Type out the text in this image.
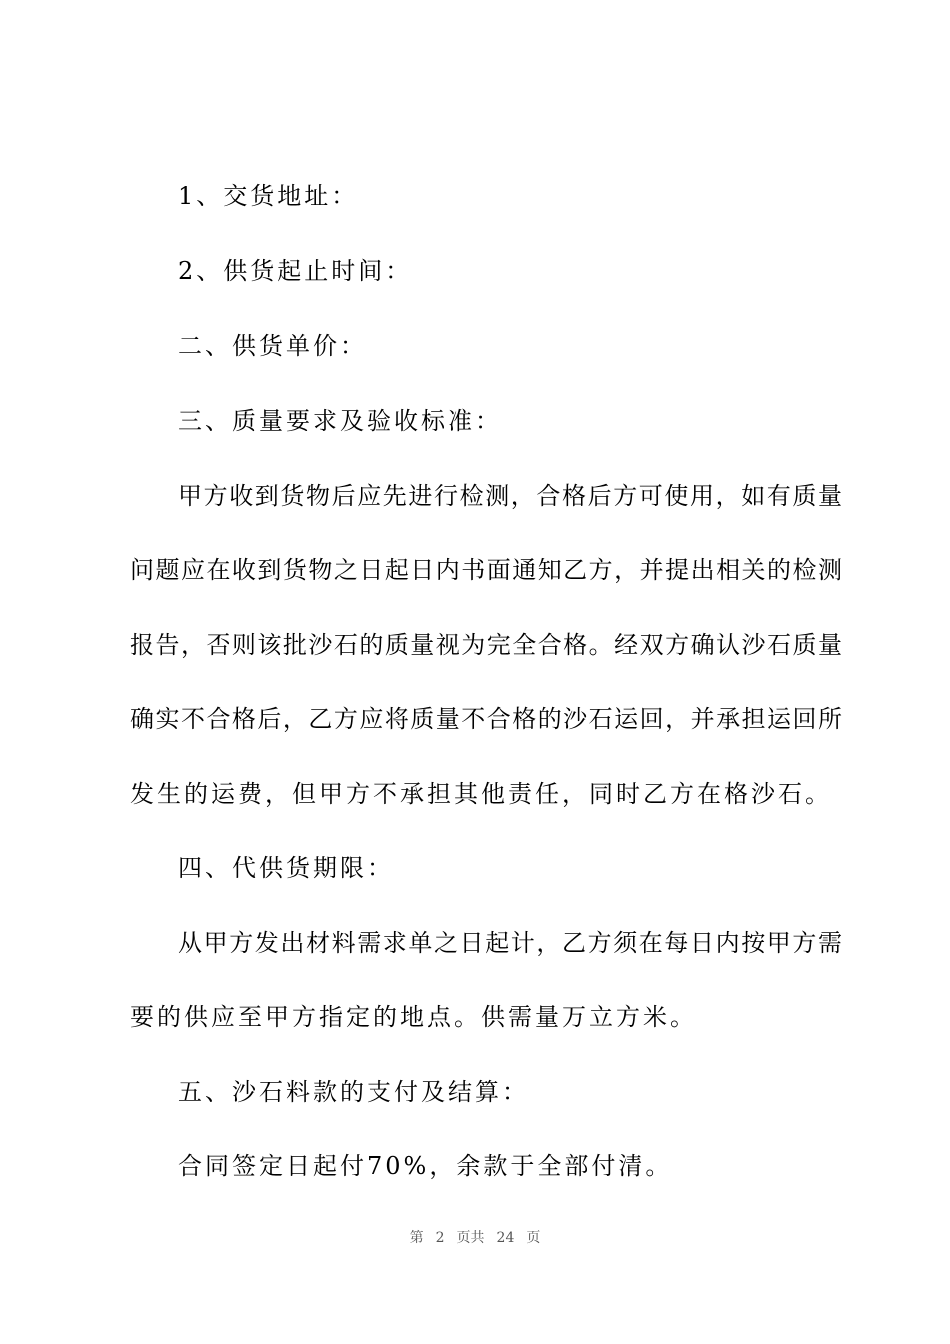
1、交货地址：
2、供货起止时间：
二、供货单价：
三、质量要求及验收标准：
甲方收到货物后应先进行检测，合格后方可使用，如有质量
问题应在收到货物之日起日内书面通知乙方，并提出相关的检测
报告，否则该批沙石的质量视为完全合格。经双方确认沙石质量
确实不合格后，乙方应将质量不合格的沙石运回，并承担运回所
发生的运费，但甲方不承担其他责任，同时乙方在格沙石。
四、代供货期限：
从甲方发出材料需求单之日起计，乙方须在每日内按甲方需
要的供应至甲方指定的地点。供需量万立方米。
五、沙石料款的支付及结算：
合同签定日起付70%，余款于全部付清。
第 2 页共 24 页
